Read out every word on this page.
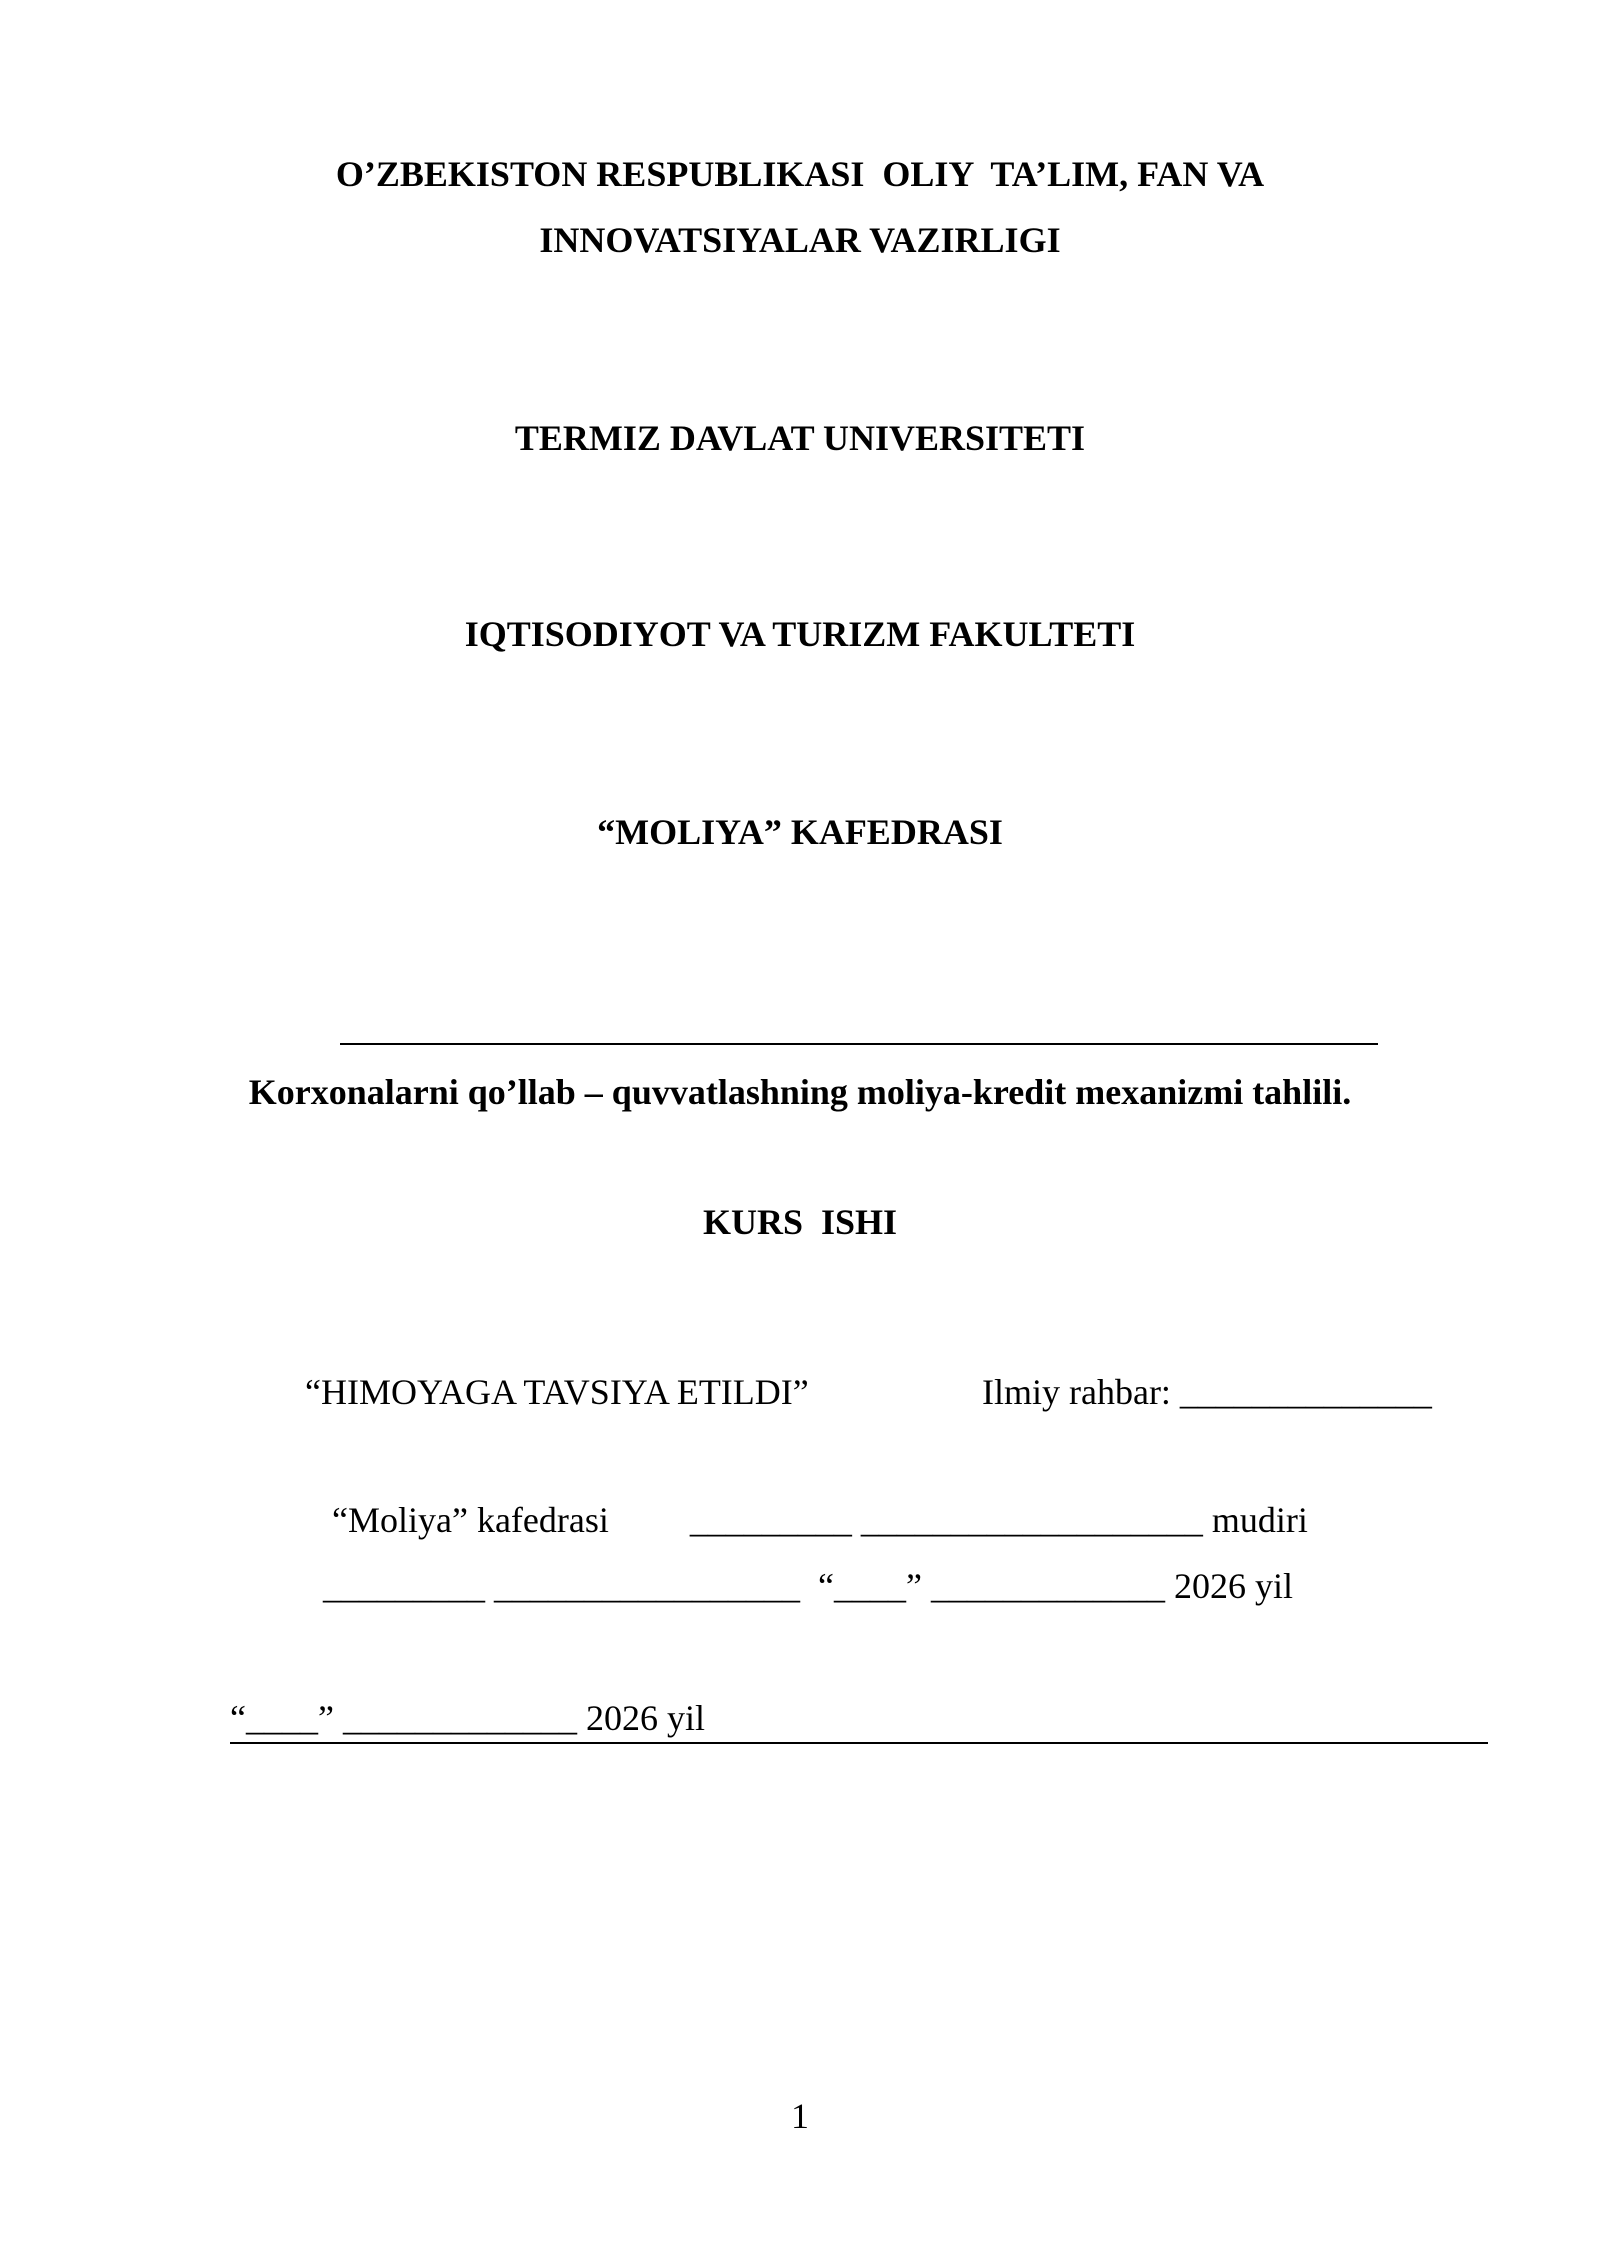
O’ZBEKISTON RESPUBLIKASI  OLIY  TA’LIM, FAN VA
INNOVATSIYALAR VAZIRLIGI
TERMIZ DAVLAT UNIVERSITETI
IQTISODIYOT VA TURIZM FAKULTETI
“MOLIYA” KAFEDRASI
Korxonalarni qo’llab – quvvatlashning moliya-kredit mexanizmi tahlili.
KURS  ISHI
“HIMOYAGA TAVSIYA ETILDI”	Ilmiy rahbar: ______________
“Moliya” kafedrasi         _________ ___________________ mudiri
_________ _________________  “____” _____________ 2026 yil
“____” _____________ 2026 yil
1
